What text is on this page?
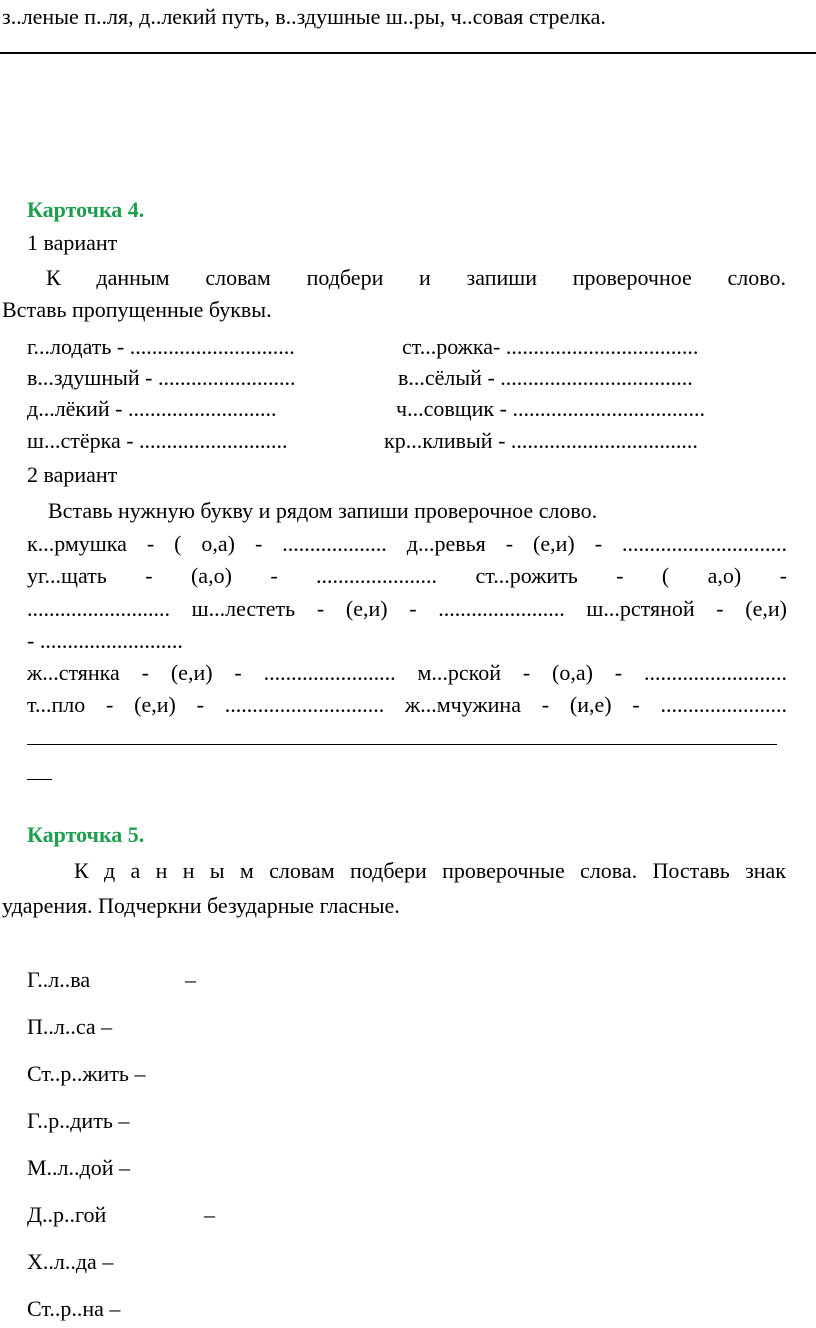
з..леные п..ля, д..лекий путь, в..здушные ш..ры, ч..совая стрелка.
Карточка 4.
1 вариант
К данным словам подбери и запиши проверочное слово.
Вставь пропущенные буквы.
г...лодать - ..............................	ст...рожка- ...................................
в...здушный - .........................	в...сёлый - ...................................
д...лёкий - ...........................	ч...совщик - ...................................
ш...стёрка - ...........................	кр...кливый - ..................................
2 вариант
Вставь нужную букву и рядом запиши проверочное слово.
к...рмушка - ( о,а) - ................... д...ревья - (е,и) - ..............................
уг...щать - (а,о) - ...................... ст...рожить - ( а,о) -
.......................... ш...лестеть - (е,и) - ....................... ш...рстяной - (е,и)
- ..........................
ж...стянка - (е,и) - ........................ м...рской - (о,а) - ..........................
т...пло - (е,и) - ............................. ж...мчужина - (и,е) - .......................
Карточка 5.
К д а н н ы м словам подбери проверочные слова. Поставь знак
ударения. Подчеркни безударные гласные.
Г..л..ва	–
П..л..са –
Ст..р..жить –
Г..р..дить –
М..л..дой –
Д..р..гой	–
Х..л..да –
Ст..р..на –
